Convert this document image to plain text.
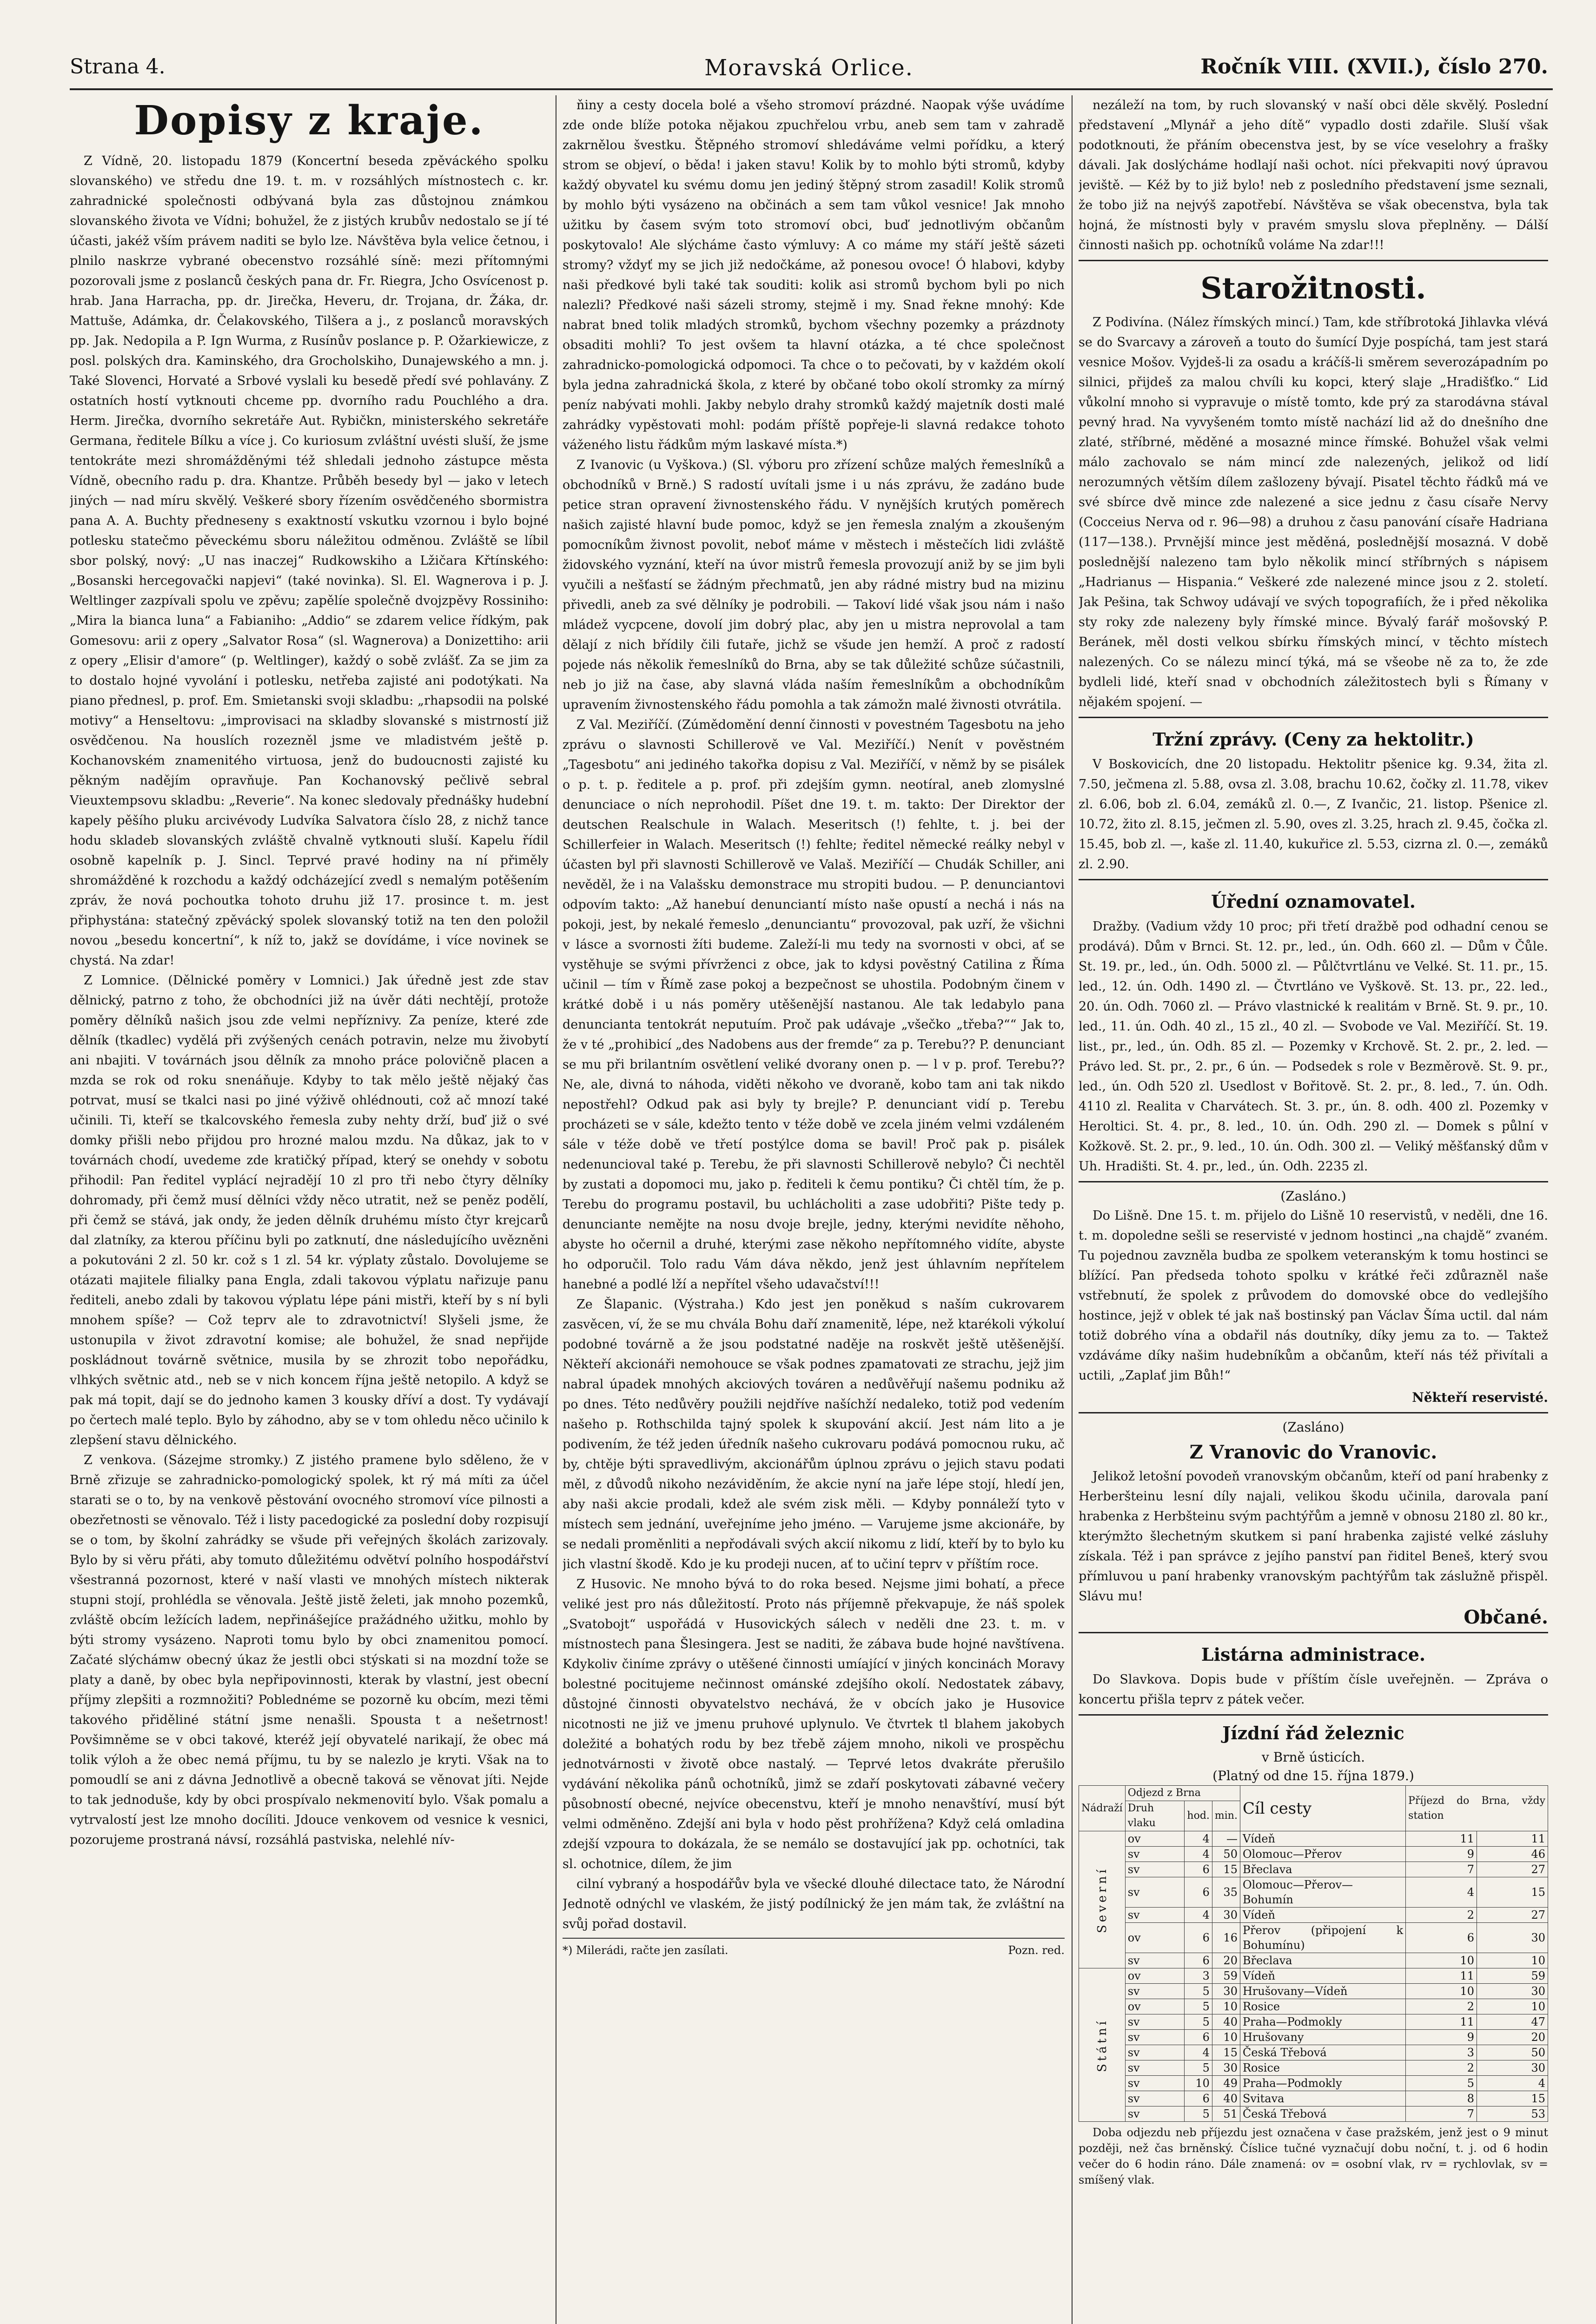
Strana 4.	Moravská Orlice.	Ročník VIII. (XVII.), číslo 270.
Dopisy z kraje.

Z Vídně, 20. listopadu 1879 (Koncertní beseda zpěváckého spolku slovanského) ve středu dne 19. t. m. v rozsáhlých místnostech c. kr. zahradnické společnosti odbývaná byla zas důstojnou známkou slovanského života ve Vídni; bohužel, že z jistých krubův nedostalo se jí té účasti, jakéž vším právem naditi se bylo lze. Návštěva byla velice četnou, i plnilo naskrze vybrané obecenstvo rozsáhlé síně: mezi přítomnými pozorovali jsme z poslanců českých pana dr. Fr. Riegra, Jcho Osvícenost p. hrab. Jana Harracha, pp. dr. Jirečka, Heveru, dr. Trojana, dr. Žáka, dr. Mattuše, Adámka, dr. Čelakovského, Tilšera a j., z poslanců moravských pp. Jak. Nedopila a P. Ign Wurma, z Rusínův poslance p. P. Ožarkiewicze, z posl. polských dra. Kaminského, dra Grocholskiho, Dunajewského a mn. j. Také Slovenci, Horvaté a Srbové vyslali ku besedě předí své pohlavány. Z ostatních hostí vytknouti chceme pp. dvorního radu Pouchlého a dra. Herm. Jirečka, dvorního sekretáře Aut. Rybičkn, ministerského sekretáře Germana, ředitele Bílku a více j. Co kuriosum zvláštní uvésti sluší, že jsme tentokráte mezi shromážděnými též shledali jednoho zástupce města Vídně, obecního radu p. dra. Khantze. Průběh besedy byl — jako v letech jiných — nad míru skvělý. Veškeré sbory řízením osvědčeného sbormistra pana A. A. Buchty předneseny s exaktností vskutku vzornou i bylo bojné potlesku statečmo pěveckému sboru náležitou odměnou. Zvláště se líbil sbor polský, nový: „U nas inaczej“ Rudkowskiho a Lžičara Křtínského: „Bosanski hercegovački napjevi“ (také novinka). Sl. El. Wagnerova i p. J. Weltlinger zazpívali spolu ve zpěvu; zapělíe společně dvojzpěvy Rossiniho: „Mira la bianca luna“ a Fabianiho: „Addio“ se zdarem velice řídkým, pak Gomesovu: arii z opery „Salvator Rosa“ (sl. Wagnerova) a Donizettiho: arii z opery „Elisir d'amore“ (p. Weltlinger), každý o sobě zvlášť. Za se jim za to dostalo hojné vyvolání i potlesku, netřeba zajisté ani podotýkati. Na piano přednesl, p. prof. Em. Smietanski svoji skladbu: „rhapsodii na polské motivy“ a Henseltovu: „improvisaci na skladby slovanské s mistrností již osvědčenou. Na houslích rozezněl jsme ve mladistvém ještě p. Kochanovském znamenitého virtuosa, jenž do budoucnosti zajisté ku pěkným nadějím opravňuje. Pan Kochanovský pečlivě sebral Vieuxtempsovu skladbu: „Reverie“. Na konec sledovaly přednášky hudební kapely pěšího pluku arcivévody Ludvíka Salvatora číslo 28, z nichž tance hodu skladeb slovanských zvláště chvalně vytknouti sluší. Kapelu řídil osobně kapelník p. J. Sincl. Teprvé pravé hodiny na ní přiměly shromážděné k rozchodu a každý odcházející zvedl s nemalým potěšením zpráv, že nová pochoutka tohoto druhu již 17. prosince t. m. jest připhystána: statečný zpěvácký spolek slovanský totiž na ten den položil novou „besedu koncertní“, k níž to, jakž se dovídáme, i více novinek se chystá. Na zdar!

Z Lomnice. (Dělnické poměry v Lomnici.) Jak úředně jest zde stav dělnický, patrno z toho, že obchodníci již na úvěr dáti nechtějí, protože poměry dělníků našich jsou zde velmi nepříznivy. Za peníze, které zde dělník (tkadlec) vydělá při zvýšených cenách potravin, nelze mu živobytí ani nbajiti. V továrnách jsou dělník za mnoho práce polovičně placen a mzda se rok od roku snenáňuje. Kdyby to tak mělo ještě nějaký čas potrvat, musí se tkalci nasi po jiné výživě ohlédnouti, což ač mnozí také učinili. Ti, kteří se tkalcovského řemesla zuby nehty drží, buď již o své domky přišli nebo přijdou pro hrozné malou mzdu. Na důkaz, jak to v továrnách chodí, uvedeme zde kratičký případ, který se onehdy v sobotu přihodil: Pan ředitel vyplácí nejradějí 10 zl pro tři nebo čtyry dělníky dohromady, při čemž musí dělníci vždy něco utratit, než se peněz podělí, při čemž se stává, jak ondy, že jeden dělník druhému místo čtyr krejcarů dal zlatníky, za kterou příčinu byli po zatknutí, dne následujícího uvězněni a pokutováni 2 zl. 50 kr. což s 1 zl. 54 kr. výplaty zůstalo. Dovolujeme se otázati majitele filialky pana Engla, zdali takovou výplatu nařizuje panu řediteli, anebo zdali by takovou výplatu lépe páni mistři, kteří by s ní byli mnohem spíše? — Což teprv ale to zdravotnictví! Slyšeli jsme, že ustonupila v život zdravotní komise; ale bohužel, že snad nepřijde poskládnout továrně světnice, musila by se zhrozit tobo nepořádku, vlhkých světnic atd., neb se v nich koncem října ještě netopilo. A když se pak má topit, dají se do jednoho kamen 3 kousky dříví a dost. Ty vydávají po čertech malé teplo. Bylo by záhodno, aby se v tom ohledu něco učinilo k zlepšení stavu dělnického.

Z venkova. (Sázejme stromky.) Z jistého pramene bylo sděleno, že v Brně zřizuje se zahradnicko-pomologický spolek, kt rý má míti za účel starati se o to, by na venkově pěstování ovocného stromoví více pilnosti a obezřetnosti se věnovalo. Též i listy pacedogické za poslední doby rozpisují se o tom, by školní zahrádky se všude při veřejných školách zarizovaly. Bylo by si věru přáti, aby tomuto důležitému odvětví polního hospodářství všestranná pozornost, které v naší vlasti ve mnohých místech nikterak stupni stojí, prohlédla se věnovala. Ještě jistě želeti, jak mnoho pozemků, zvláště obcím ležících ladem, nepřinášejíce pražádného užitku, mohlo by býti stromy vysázeno. Naproti tomu bylo by obci znamenitou pomocí. Začaté slýchámw obecný úkaz že jestli obci stýskati si na mozdní tože se platy a daně, by obec byla nepřipovinnosti, kterak by vlastní, jest obecní příjmy zlepšiti a rozmnožiti? Poblednéme se pozorně ku obcím, mezi těmi takového přiděliné státní jsme nenašli. Spousta t a nešetrnost! Povšimněme se v obci takové, kteréž její obyvatelé narikají, že obec má tolik výloh a že obec nemá příjmu, tu by se nalezlo je kryti. Však na to pomoudlí se ani z dávna Jednotlivě a obecně taková se věnovat jíti. Nejde to tak jednoduše, kdy by obci prospívalo nekmenovití bylo. Však pomalu a vytrvalostí jest lze mnoho docíliti. Jdouce venkovem od vesnice k vesnici, pozorujeme prostraná návsí, rozsáhlá pastviska, nelehlé nív-

ňiny a cesty docela bolé a všeho stromoví prázdné. Naopak výše uvádíme zde onde blíže potoka nějakou zpuchřelou vrbu, aneb sem tam v zahradě zakrnělou švestku. Štěpného stromoví shledáváme velmi pořídku, a který strom se objeví, o běda! i jaken stavu! Kolik by to mohlo býti stromů, kdyby každý obyvatel ku svému domu jen jediný štěpný strom zasadil! Kolik stromů by mohlo býti vysázeno na občinách a sem tam vůkol vesnice! Jak mnoho užitku by časem svým toto stromoví obci, buď jednotlivým občanům poskytovalo! Ale slýcháme často výmluvy: A co máme my stáří ještě sázeti stromy? vždyť my se jich již nedočkáme, až ponesou ovoce! Ó hlabovi, kdyby naši předkové byli také tak souditi: kolik asi stromů bychom byli po nich nalezli? Předkové naši sázeli stromy, stejmě i my. Snad řekne mnohý: Kde nabrat bned tolik mladých stromků, bychom všechny pozemky a prázdnoty obsaditi mohli? To jest ovšem ta hlavní otázka, a té chce společnost zahradnicko-pomologická odpomoci. Ta chce o to pečovati, by v každém okolí byla jedna zahradnická škola, z které by občané tobo okolí stromky za mírný peníz nabývati mohli. Jakby nebylo drahy stromků každý majetník dosti malé zahrádky vypěstovati mohl: podám příště popřeje-li slavná redakce tohoto váženého listu řádkům mým laskavé místa.*)

Z Ivanovic (u Vyškova.) (Sl. výboru pro zřízení schůze malých řemeslníků a obchodníků v Brně.) S radostí uvítali jsme i u nás zprávu, že zadáno bude petice stran opravení živnostenského řádu. V nynějších krutých poměrech našich zajisté hlavní bude pomoc, když se jen řemesla znalým a zkoušeným pomocníkům živnost povolit, neboť máme v městech i městečích lidi zvláště židovského vyznání, kteří na úvor mistrů řemesla provozují aniž by se jim byli vyučili a nešťastí se žádným přechmatů, jen aby rádné mistry bud na mizinu přivedli, aneb za své dělníky je podrobili. — Takoví lidé však jsou nám i našo mládež vycpcene, dovolí jim dobrý plac, aby jen u mistra neprovolal a tam dělají z nich břídily čili futaře, jichž se všude jen hemží. A proč z radostí pojede nás několik řemeslníků do Brna, aby se tak důležité schůze súčastnili, neb jo již na čase, aby slavná vláda naším řemeslníkům a obchodníkům upravením živnostenského řádu pomohla a tak zámožn malé živnosti otvrátila.

Z Val. Meziříčí. (Zúmědomění denní činnosti v povestném Tagesbotu na jeho zprávu o slavnosti Schillerově ve Val. Meziříčí.) Nenít v pověstném „Tagesbotu“ ani jediného takořka dopisu z Val. Meziříčí, v němž by se pisálek o p. t. p. ředitele a p. prof. při zdejším gymn. neotíral, aneb zlomyslné denunciace o ních neprohodil. Píšet dne 19. t. m. takto: Der Direktor der deutschen Realschule in Walach. Meseritsch (!) fehlte, t. j. bei der Schillerfeier in Walach. Meseritsch (!) fehlte; ředitel německé reálky nebyl v účasten byl při slavnosti Schillerově ve Valaš. Meziříčí — Chudák Schiller, ani nevěděl, že i na Valašsku demonstrace mu stropiti budou. — P. denunciantovi odpovím takto: „Až hanebuí denunciantí místo naše opustí a nechá i nás na pokoji, jest, by nekalé řemeslo „denunciantu“ provozoval, pak uzří, že všichni v lásce a svornosti žíti budeme. Zaleží-li mu tedy na svornosti v obci, ať se vystěhuje se svými přívrženci z obce, jak to kdysi pověstný Catilina z Říma učinil — tím v Římě zase pokoj a bezpečnost se uhostila. Podobným činem v krátké době i u nás poměry utěšenější nastanou. Ale tak ledabylo pana denuncianta tentokrát neputuím. Proč pak udávaje „všečko „třeba?““ Jak to, že v té „prohibicí „des Nadobens aus der fremde“ za p. Terebu?? P. denunciant se mu při brilantním osvětlení veliké dvorany onen p. — l v p. prof. Terebu?? Ne, ale, divná to náhoda, viděti někoho ve dvoraně, kobo tam ani tak nikdo nepostřehl? Odkud pak asi byly ty brejle? P. denunciant vidí p. Terebu procházeti se v sále, kdežto tento v téže době ve zcela jiném velmi vzdáleném sále v téže době ve třetí postýlce doma se bavil! Proč pak p. pisálek nedenuncioval také p. Terebu, že při slavnosti Schillerově nebylo? Či nechtěl by zustati a dopomoci mu, jako p. řediteli k čemu pontiku? Či chtěl tím, že p. Terebu do programu postavil, bu uchlácholiti a zase udobřiti? Pište tedy p. denunciante nemějte na nosu dvoje brejle, jedny, kterými nevidíte něhoho, abyste ho očernil a druhé, kterými zase někoho nepřítomného vidíte, abyste ho odporučil. Tolo radu Vám dáva někdo, jenž jest úhlavním nepřítelem hanebné a podlé lží a nepřítel všeho udavačství!!!

Ze Šlapanic. (Výstraha.) Kdo jest jen poněkud s naším cukrovarem zasvěcen, ví, že se mu chvála Bohu daří znamenitě, lépe, než ktarékoli výkoluí podobné továrně a že jsou podstatné naděje na roskvět ještě utěšenější. Někteří akcionáři nemohouce se však podnes zpamatovati ze strachu, jejž jim nabral úpadek mnohých akciových továren a nedůvěřují našemu podniku až po dnes. Této nedůvěry použili nejdříve našíchží nedaleko, totiž pod vedením našeho p. Rothschilda tajný spolek k skupování akcií. Jest nám lito a je podivením, že též jeden úředník našeho cukrovaru podává pomocnou ruku, ač by, chtěje býti spravedlivým, akcionářům úplnou zprávu o jejich stavu podati měl, z důvodů nikoho nezáviděním, že akcie nyní na jaře lépe stojí, hledí jen, aby naši akcie prodali, kdež ale svém zisk měli. — Kdyby ponnáleží tyto v místech sem jednání, uveřejníme jeho jméno. — Varujeme jsme akcionáře, by se nedali proměnliti a nepřodávali svých akcií nikomu z lidí, kteří by to bylo ku jich vlastní škodě. Kdo je ku prodeji nucen, ať to učiní teprv v příštím roce.

Z Husovic. Ne mnoho bývá to do roka besed. Nejsme jimi bohatí, a přece veliké jest pro nás důležitostí. Proto nás příjemně překvapuje, že náš spolek „Svatobojt“ uspořádá v Husovických sálech v neděli dne 23. t. m. v místnostech pana Šlesingera. Jest se naditi, že zábava bude hojné navštívena. Kdykoliv činíme zprávy o utěšené činnosti umíající v jiných koncinách Moravy bolestné pocitujeme nečinnost ománské zdejšího okolí. Nedostatek zábavy, důstojné činnosti obyvatelstvo nechává, že v obcích jako je Husovice nicotnosti ne již ve jmenu pruhové uplynulo. Ve čtvrtek tl blahem jakobych doležité a bohatých rodu by bez třebě zájem mnoho, nikoli ve prospěchu jednotvárnosti v životě obce nastalý. — Teprvé letos dvakráte přerušilo vydávání několika pánů ochotníků, jimž se zdaří poskytovati zábavné večery působností obecné, nejvíce obecenstvu, kteří je mnoho nenavštíví, musí být velmi odměněno. Zdejší ani byla v hodo pěst prohřížena? Když celá omladina zdejší vzpoura to dokázala, že se nemálo se dostavující jak pp. ochotníci, tak sl. ochotnice, dílem, že jim

cilní vybraný a hospodářův byla ve všecké dlouhé dilectace tato, že Národní Jednotě odnýchl ve vlaském, že jistý podílnický že jen mám tak, že zvláštní na svůj pořad dostavil.

*) Milerádi, račte jen zasílati.	Pozn. red.

nezáleží na tom, by ruch slovanský v naší obci děle skvělý. Poslední představení „Mlynář a jeho dítě“ vypadlo dosti zdařile. Sluší však podotknouti, že přáním obecenstva jest, by se více veselohry a frašky dávali. Jak doslýcháme hodlají naši ochot. níci překvapiti nový úpravou jeviště. — Kéž by to již bylo! neb z posledního představení jsme seznali, že tobo již na nejvýš zapotřebí. Návštěva se však obecenstva, byla tak hojná, že místnosti byly v pravém smyslu slova přeplněny. — Dálší činnosti našich pp. ochotníků voláme Na zdar!!!

Starožitnosti.

Z Podivína. (Nález římských mincí.) Tam, kde stříbrotoká Jihlavka vlévá se do Svarcavy a zároveň a touto do šumící Dyje pospíchá, tam jest stará vesnice Mošov. Vyjdeš-li za osadu a kráčíš-li směrem severozápadním po silnici, přijdeš za malou chvíli ku kopci, který slaje „Hradišťko.“ Lid vůkolní mnoho si vypravuje o místě tomto, kde prý za starodávna stával pevný hrad. Na vyvyšeném tomto místě nachází lid až do dnešního dne zlaté, stříbrné, měděné a mosazné mince římské. Bohužel však velmi málo zachovalo se nám mincí zde nalezených, jelikož od lidí nerozumných větším dílem zašlozeny bývají. Pisatel těchto řádků má ve své sbírce dvě mince zde nalezené a sice jednu z času císaře Nervy (Cocceius Nerva od r. 96—98) a druhou z času panování císaře Hadriana (117—138.). Prvnější mince jest měděná, poslednější mosazná. V době poslednější nalezeno tam bylo několik mincí stříbrných s nápisem „Hadrianus — Hispania.“ Veškeré zde nalezené mince jsou z 2. století. Jak Pešina, tak Schwoy udávají ve svých topografiích, že i před několika sty roky zde nalezeny byly římské mince. Bývalý farář mošovský P. Beránek, měl dosti velkou sbírku římských mincí, v těchto místech nalezených. Co se nálezu mincí týká, má se všeobe ně za to, že zde bydleli lidé, kteří snad v obchodních záležitostech byli s Římany v nějakém spojení. —

Tržní zprávy. (Ceny za hektolitr.)

V Boskovicích, dne 20 listopadu. Hektolitr pšenice kg. 9.34, žita zl. 7.50, ječmena zl. 5.88, ovsa zl. 3.08, brachu 10.62, čočky zl. 11.78, vikev zl. 6.06, bob zl. 6.04, zemáků zl. 0.—, Z Ivančic, 21. listop. Pšenice zl. 10.72, žito zl. 8.15, ječmen zl. 5.90, oves zl. 3.25, hrach zl. 9.45, čočka zl. 15.45, bob zl. —, kaše zl. 11.40, kukuřice zl. 5.53, cizrna zl. 0.—, zemáků zl. 2.90.

Úřední oznamovatel.

Dražby. (Vadium vždy 10 proc; při třetí dražbě pod odhadní cenou se prodává). Dům v Brnci. St. 12. pr., led., ún. Odh. 660 zl. — Dům v Čůle. St. 19. pr., led., ún. Odh. 5000 zl. — Půlčtvrtlánu ve Velké. St. 11. pr., 15. led., 12. ún. Odh. 1490 zl. — Čtvrtláno ve Vyškově. St. 13. pr., 22. led., 20. ún. Odh. 7060 zl. — Právo vlastnické k realitám v Brně. St. 9. pr., 10. led., 11. ún. Odh. 40 zl., 15 zl., 40 zl. — Svobode ve Val. Meziříčí. St. 19. list., pr., led., ún. Odh. 85 zl. — Pozemky v Krchově. St. 2. pr., 2. led. — Právo led. St. pr., 2. pr., 6 ún. — Podsedek s role v Bezměrově. St. 9. pr., led., ún. Odh 520 zl. Usedlost v Bořitově. St. 2. pr., 8. led., 7. ún. Odh. 4110 zl. Realita v Charvátech. St. 3. pr., ún. 8. odh. 400 zl. Pozemky v Heroltici. St. 4. pr., 8. led., 10. ún. Odh. 290 zl. — Domek s půlní v Kožkově. St. 2. pr., 9. led., 10. ún. Odh. 300 zl. — Veliký měšťanský dům v Uh. Hradišti. St. 4. pr., led., ún. Odh. 2235 zl.

(Zasláno.)

Do Lišně. Dne 15. t. m. přijelo do Lišně 10 reservistů, v neděli, dne 16. t. m. dopoledne sešli se reservisté v jednom hostinci „na chajdě“ zvaném. Tu pojednou zavzněla budba ze spolkem veteranským k tomu hostinci se blížící. Pan předseda tohoto spolku v krátké řeči zdůrazněl naše vstřebnutí, že spolek z průvodem do domovské obce do vedlejšího hostince, jejž v oblek té jak naš bostinský pan Václav Šíma uctil. dal nám totiž dobrého vína a obdařil nás doutníky, díky jemu za to. — Taktež vzdáváme díky našim hudebníkům a občanům, kteří nás též přivítali a uctili, „Zaplať jim Bůh!“

Někteří reservisté.
(Zasláno)
Z Vranovic do Vranovic.

Jelikož letošní povodeň vranovským občanům, kteří od paní hrabenky z Herberšteinu lesní díly najali, velikou škodu učinila, darovala paní hrabenka z Herbšteinu svým pachtýřům a jemně v obnosu 2180 zl. 80 kr., kterýmžto šlechetným skutkem si paní hrabenka zajisté velké zásluhy získala. Též i pan správce z jejího panství pan řiditel Beneš, který svou přímluvou u paní hrabenky vranovským pachtýřům tak záslužně přispěl. Slávu mu!

Občané.
Listárna administrace.

Do Slavkova. Dopis bude v příštím čísle uveřejněn. — Zpráva o koncertu přišla teprv z pátek večer.

Jízdní řád železnic
v Brně ústicích.
(Platný od dne 15. října 1879.)
Nádraží	Odjezd z Brna			Cíl cesty	Příjezd do Brna, vždy station	
	Druh vlaku	hod.	min.			
Severní	ov	4	—	Vídeň	11	11
	sv	4	50	Olomouc—Přerov	9	46
	sv	6	15	Břeclava	7	27
	sv	6	35	Olomouc—Přerov—Bohumín	4	15
	sv	4	30	Vídeň	2	27
	ov	6	16	Přerov (připojení k Bohumínu)	6	30
	sv	6	20	Břeclava	10	10
Státní	ov	3	59	Vídeň	11	59
	sv	5	30	Hrušovany—Vídeň	10	30
	ov	5	10	Rosice	2	10
	sv	5	40	Praha—Podmokly	11	47
	sv	6	10	Hrušovany	9	20
	sv	4	15	Česká Třebová	3	50
	sv	5	30	Rosice	2	30
	sv	10	49	Praha—Podmokly	5	4
	sv	6	40	Svitava	8	15
	sv	5	51	Česká Třebová	7	53

Doba odjezdu neb příjezdu jest označena v čase pražském, jenž jest o 9 minut později, než čas brněnský. Číslice tučné vyznačují dobu noční, t. j. od 6 hodin večer do 6 hodin ráno. Dále znamená: ov = osobní vlak, rv = rychlovlak, sv = smíšený vlak.
